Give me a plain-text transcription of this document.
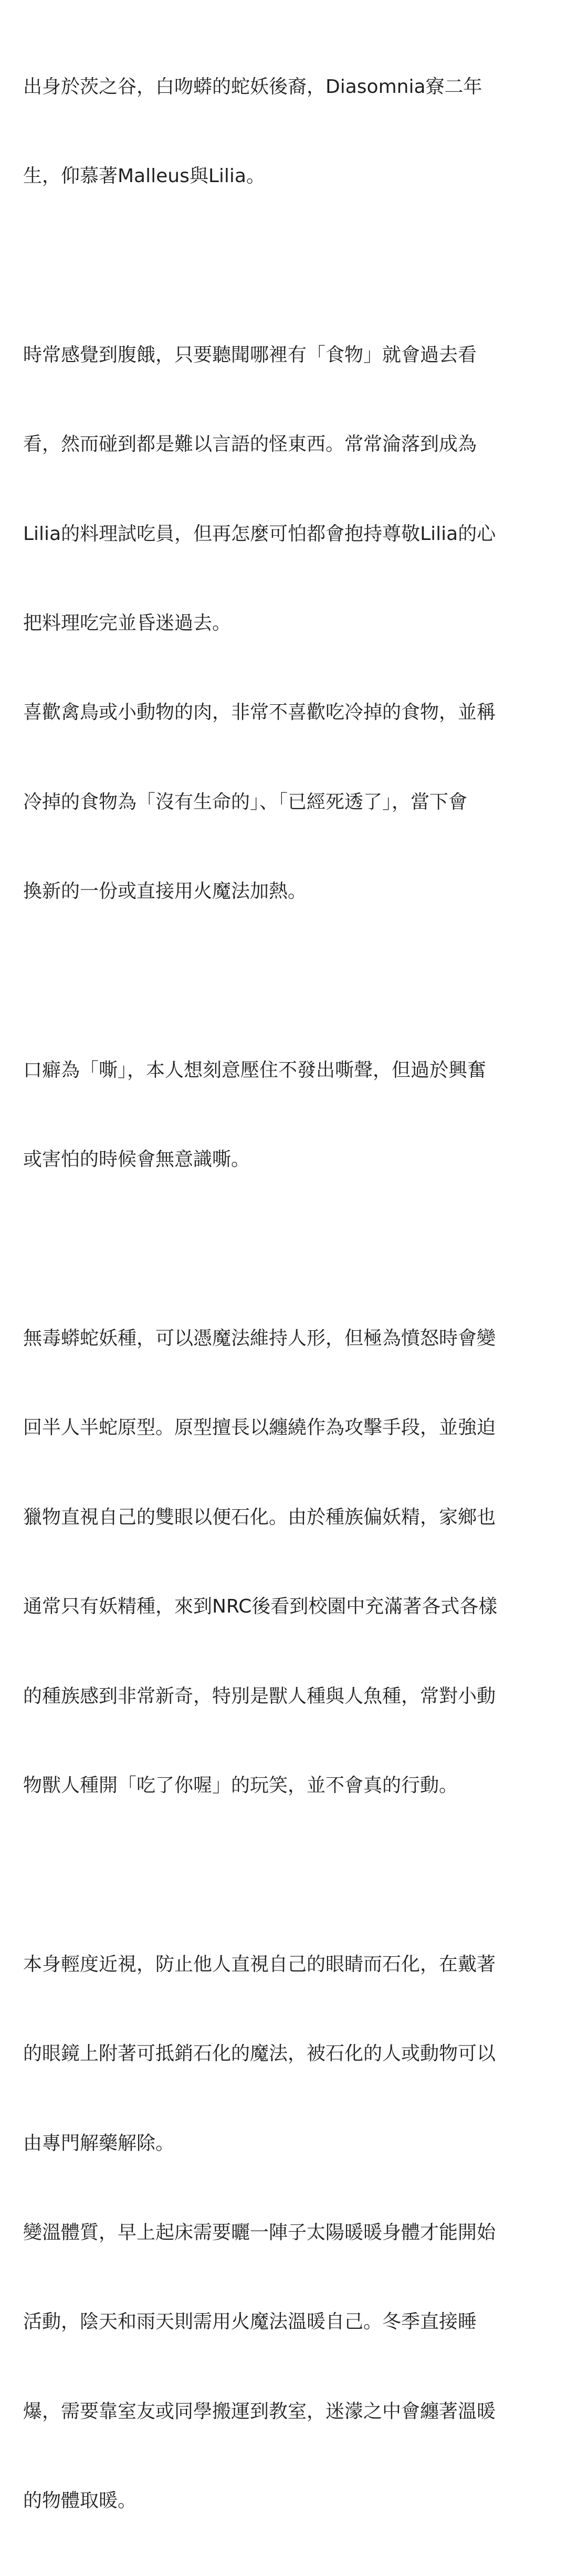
出身於茨之谷，白吻蟒的蛇妖後裔，Diasomnia寮二年

生，仰慕著Malleus與Lilia。

時常感覺到腹餓，只要聽聞哪裡有「食物」就會過去看

看，然而碰到都是難以言語的怪東西。常常淪落到成為

Lilia的料理試吃員，但再怎麼可怕都會抱持尊敬Lilia的心

把料理吃完並昏迷過去。

喜歡禽鳥或小動物的肉，非常不喜歡吃冷掉的食物，並稱

冷掉的食物為「沒有生命的」、「已經死透了」，當下會

換新的一份或直接用火魔法加熱。

口癖為「嘶」，本人想刻意壓住不發出嘶聲，但過於興奮

或害怕的時候會無意識嘶。

無毒蟒蛇妖種，可以憑魔法維持人形，但極為憤怒時會變

回半人半蛇原型。原型擅長以纏繞作為攻擊手段，並強迫

獵物直視自己的雙眼以便石化。由於種族偏妖精，家鄉也

通常只有妖精種，來到NRC後看到校園中充滿著各式各樣

的種族感到非常新奇，特別是獸人種與人魚種，常對小動

物獸人種開「吃了你喔」的玩笑，並不會真的行動。

本身輕度近視，防止他人直視自己的眼睛而石化，在戴著

的眼鏡上附著可抵銷石化的魔法，被石化的人或動物可以

由專門解藥解除。

變溫體質，早上起床需要曬一陣子太陽暖暖身體才能開始

活動，陰天和雨天則需用火魔法溫暖自己。冬季直接睡

爆，需要靠室友或同學搬運到教室，迷濛之中會纏著溫暖

的物體取暖。
